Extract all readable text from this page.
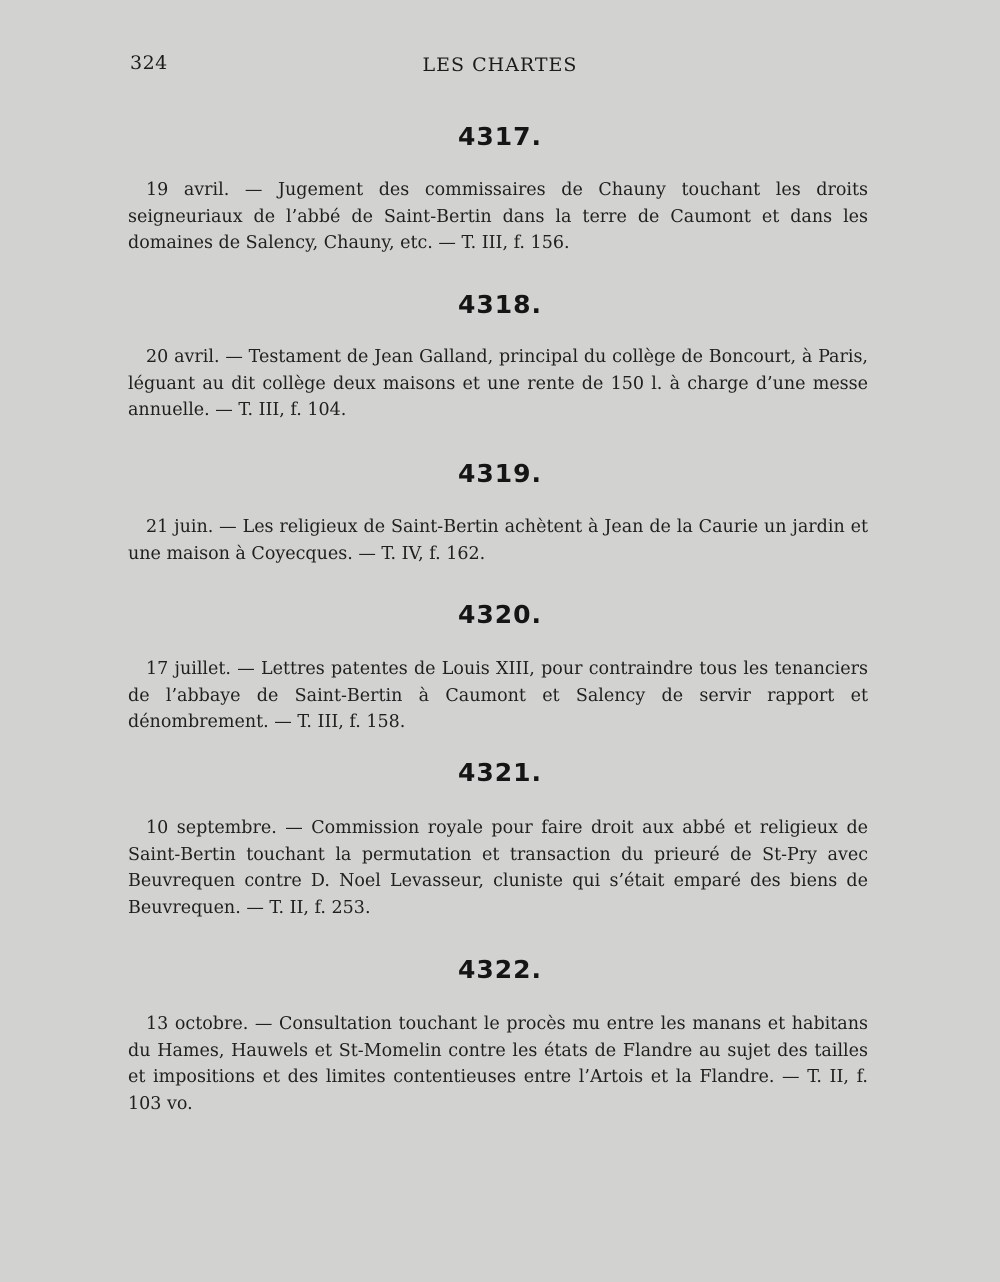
324	LES CHARTES
4317.
19 avril. — Jugement des commissaires de Chauny touchant les droits seigneuriaux de l’abbé de Saint-Bertin dans la terre de Caumont et dans les domaines de Salency, Chauny, etc. — T. III, f. 156.
4318.
20 avril. — Testament de Jean Galland, principal du collège de Boncourt, à Paris, léguant au dit collège deux maisons et une rente de 150 l. à charge d’une messe annuelle. — T. III, f. 104.
4319.
21 juin. — Les religieux de Saint-Bertin achètent à Jean de la Caurie un jardin et une maison à Coyecques. — T. IV, f. 162.
4320.
17 juillet. — Lettres patentes de Louis XIII, pour contraindre tous les tenanciers de l’abbaye de Saint-Bertin à Caumont et Salency de servir rapport et dénombrement. — T. III, f. 158.
4321.
10 septembre. — Commission royale pour faire droit aux abbé et religieux de Saint-Bertin touchant la permutation et transaction du prieuré de St-Pry avec Beuvrequen contre D. Noel Levasseur, cluniste qui s’était emparé des biens de Beuvrequen. — T. II, f. 253.
4322.
13 octobre. — Consultation touchant le procès mu entre les manans et habitans du Hames, Hauwels et St-Momelin contre les états de Flandre au sujet des tailles et impositions et des limites contentieuses entre l’Artois et la Flandre. — T. II, f. 103 vo.
